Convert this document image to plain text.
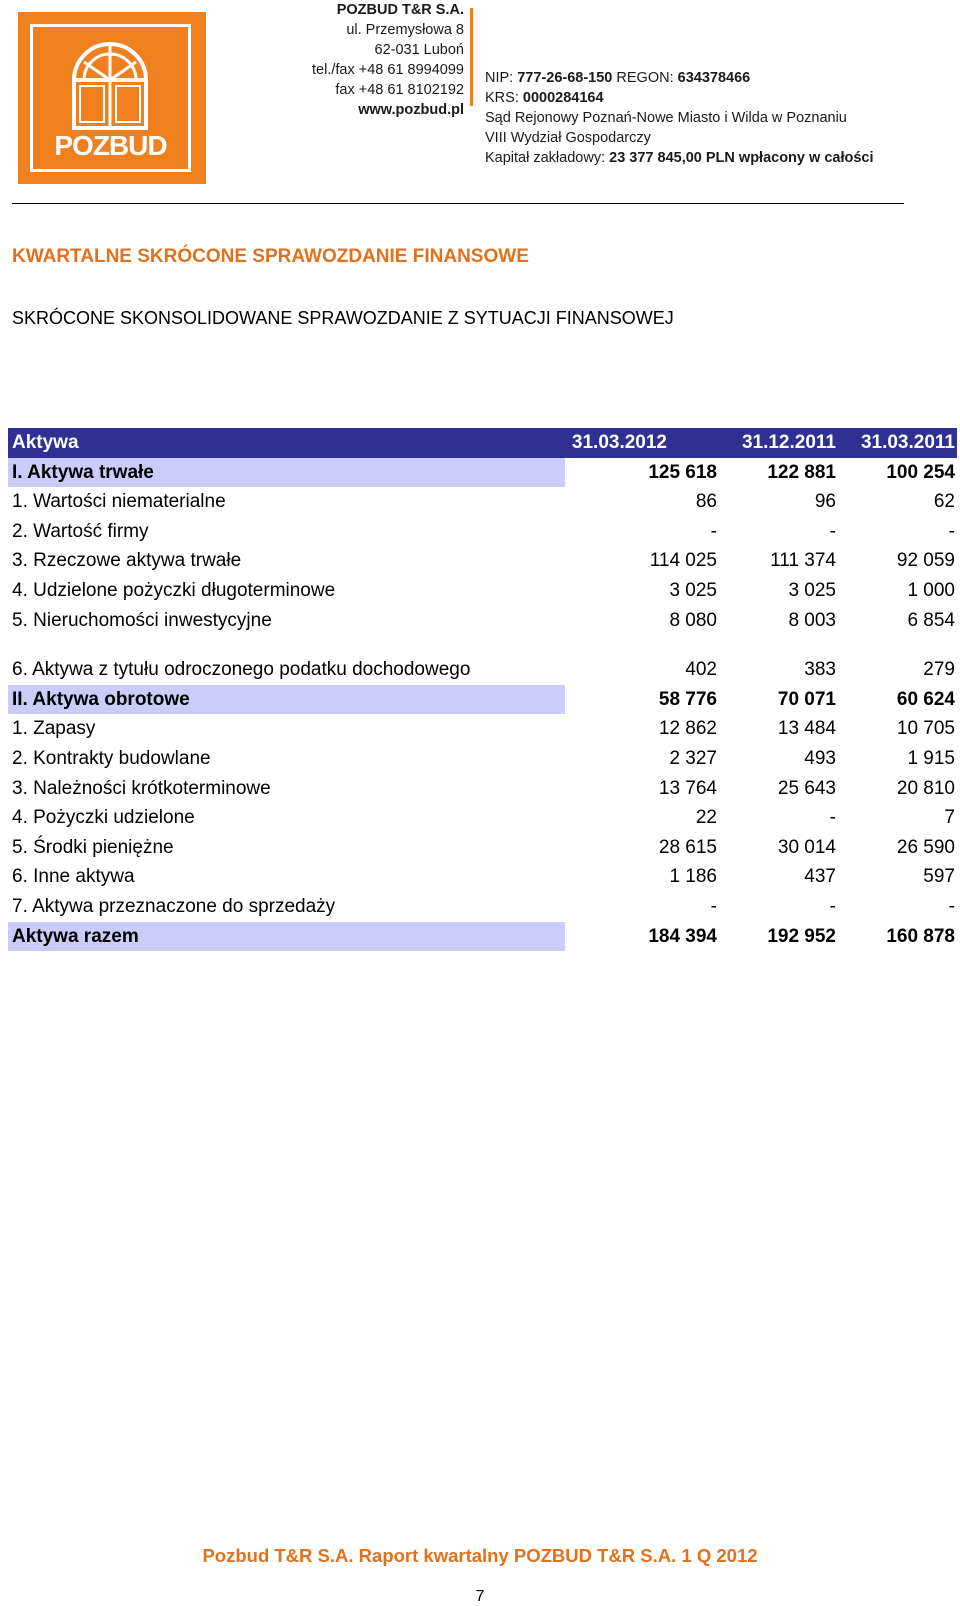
POZBUD
POZBUD T&R S.A.
ul. Przemysłowa 8
62-031 Luboń
tel./fax +48 61 8994099
fax +48 61 8102192
www.pozbud.pl
NIP: 777-26-68-150 REGON: 634378466
KRS: 0000284164
Sąd Rejonowy Poznań-Nowe Miasto i Wilda w Poznaniu
VIII Wydział Gospodarczy
Kapitał zakładowy: 23 377 845,00 PLN wpłacony w całości
KWARTALNE SKRÓCONE SPRAWOZDANIE FINANSOWE
SKRÓCONE SKONSOLIDOWANE SPRAWOZDANIE Z SYTUACJI FINANSOWEJ
Aktywa	31.03.2012	31.12.2011 31.03.2011
I. Aktywa trwałe	125 618	122 881	100 254
1. Wartości niematerialne	86	96	62
2. Wartość firmy	-	-	-
3. Rzeczowe aktywa trwałe	114 025	111 374	92 059
4. Udzielone pożyczki długoterminowe	3 025	3 025	1 000
5. Nieruchomości inwestycyjne	8 080	8 003	6 854
6. Aktywa z tytułu odroczonego podatku dochodowego	402	383	279
II. Aktywa obrotowe	58 776	70 071	60 624
1. Zapasy	12 862	13 484	10 705
2. Kontrakty budowlane	2 327	493	1 915
3. Należności krótkoterminowe	13 764	25 643	20 810
4. Pożyczki udzielone	22	-	7
5. Środki pieniężne	28 615	30 014	26 590
6. Inne aktywa	1 186	437	597
7. Aktywa przeznaczone do sprzedaży	-	-	-
Aktywa razem	184 394	192 952	160 878
Pozbud T&R S.A. Raport kwartalny POZBUD T&R S.A. 1 Q 2012
7
